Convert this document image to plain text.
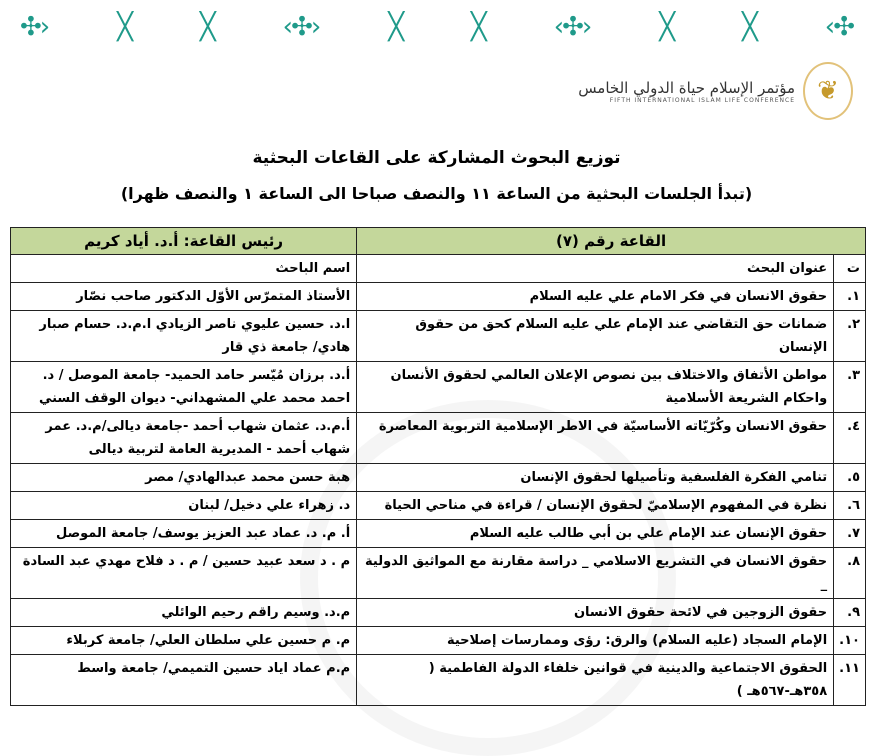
✣›	╳	╳	‹✣›	╳	╳	‹✣›	╳	╳	‹✣
❦
مؤتمر الإسلام حياة الدولي الخامس
FIFTH INTERNATIONAL ISLAM LIFE CONFERENCE
توزيع البحوث المشاركة على القاعات البحثية
(تبدأ الجلسات البحثية من الساعة ١١ والنصف صباحا الى الساعة ١ والنصف ظهرا)
القاعة رقم (٧)		رئيس القاعة: أ.د. أياد كريم
ت	عنوان البحث	اسم الباحث
١.	حقوق الانسان في فكر الامام علي عليه السلام	الأستاذ المتمرّس الأوّل الدكتور صاحب نصّار
٢.	ضمانات حق التقاضي عند الإمام علي عليه السلام كحق من حقوق الإنسان	ا.د. حسين عليوي ناصر الزيادي ا.م.د. حسام صبار هادي/ جامعة ذي قار
٣.	مواطن الأتفاق والاختلاف بين نصوص الإعلان العالمي لحقوق الأنسان واحكام الشريعة الأسلامية	أ.د. برزان مُيّسر حامد الحميد- جامعة الموصل / د. احمد محمد علي المشهداني- ديوان الوقف السني
٤.	حقوق الانسان وكُرّيّاته الأساسيّة في الاطر الإسلامية التربوية المعاصرة	أ.م.د. عثمان شهاب أحمد -جامعة ديالى/م.د. عمر شهاب أحمد - المديرية العامة لتربية ديالى
٥.	تنامي الفكرة الفلسفية وتأصيلها لحقوق الإنسان	هبة حسن محمد عبدالهادي/ مصر
٦.	نظرة في المفهوم الإسلاميّ لحقوق الإنسان / قراءة في مناحي الحياة	د. زهراء علي دخيل/ لبنان
٧.	حقوق الإنسان عند الإمام علي بن أبي طالب عليه السلام	أ. م. د. عماد عبد العزيز يوسف/ جامعة الموصل
٨.	حقوق الانسان في التشريع الاسلامي _ دراسة مقارنة مع المواثيق الدولية _	م . د سعد عبيد حسين / م . د فلاح مهدي عبد السادة
٩.	حقوق الزوجين في لائحة حقوق الانسان	م.د. وسيم راقم رحيم الوائلي
١٠.	الإمام السجاد (عليه السلام) والرق: رؤى وممارسات إصلاحية	م. م حسين علي سلطان العلي/ جامعة كربلاء
١١.	الحقوق الاجتماعية والدينية في قوانين خلفاء الدولة الفاطمية ( ٣٥٨هـ-٥٦٧هـ )	م.م عماد اياد حسين التميمي/ جامعة واسط
